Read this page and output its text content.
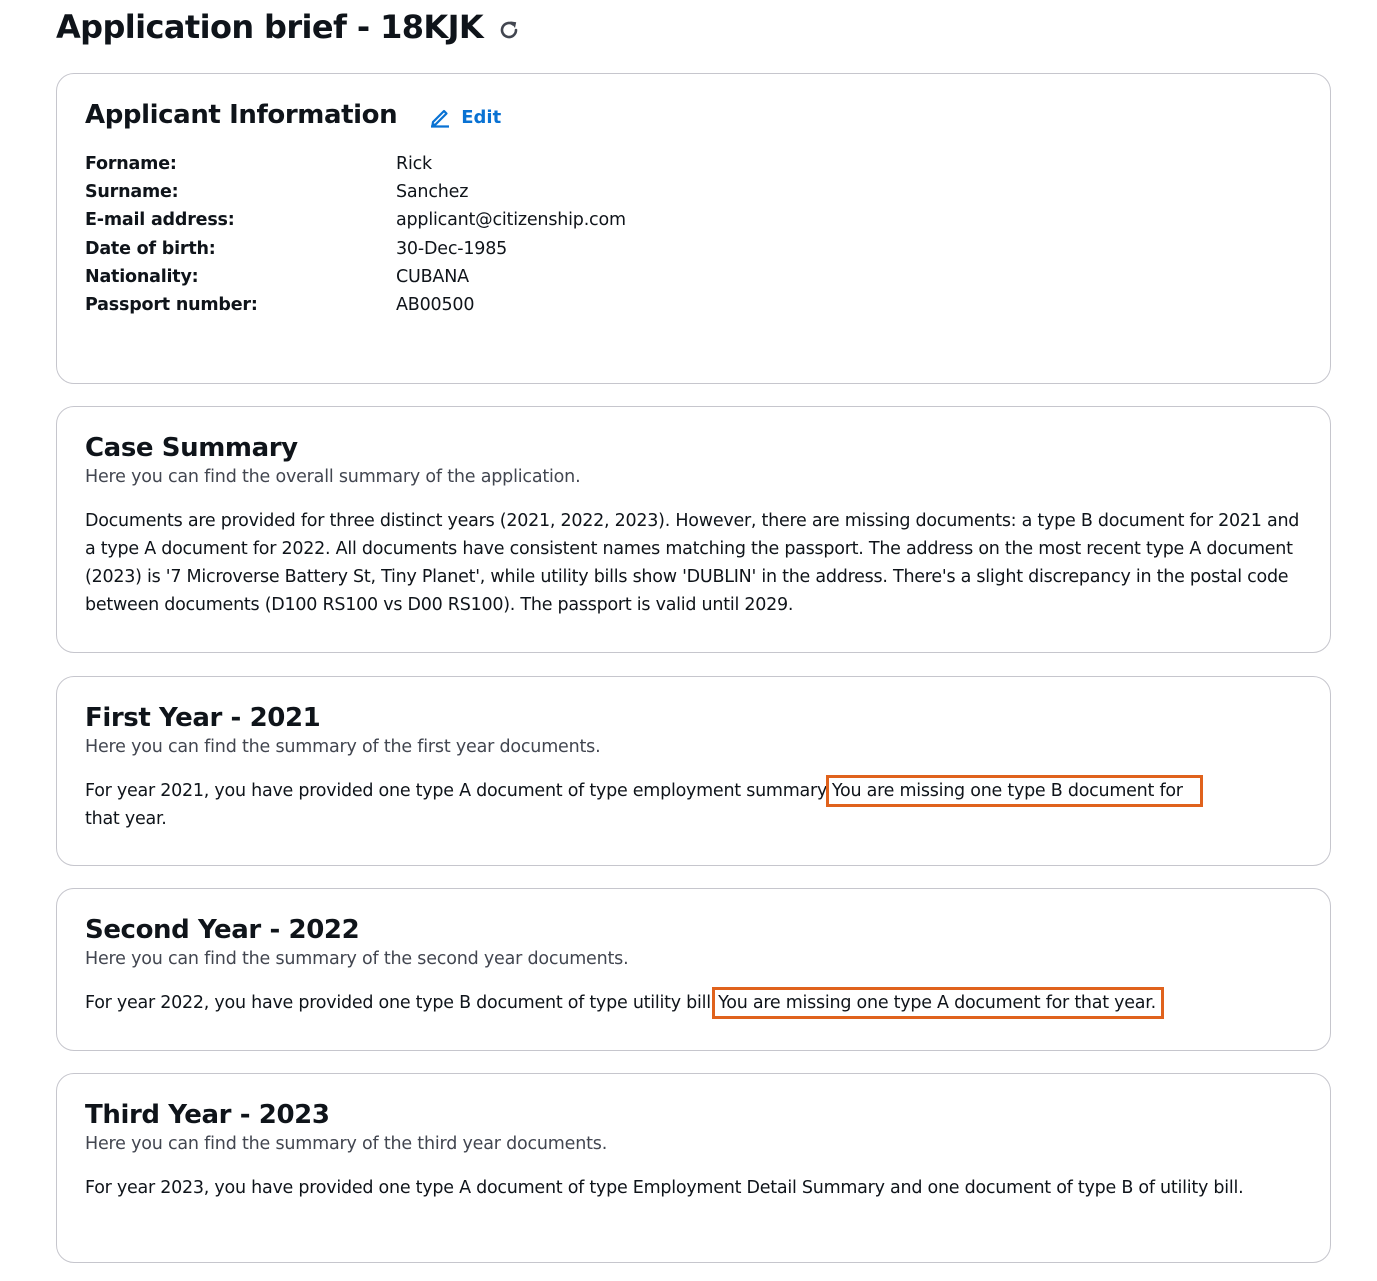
Application brief - 18KJK
Applicant Information	Edit
Forname:	Rick
Surname:	Sanchez
E-mail address:	applicant@citizenship.com
Date of birth:	30-Dec-1985
Nationality:	CUBANA
Passport number:	AB00500
Case Summary
Here you can find the overall summary of the application.
Documents are provided for three distinct years (2021, 2022, 2023). However, there are missing documents: a type B document for 2021 and a type A document for 2022. All documents have consistent names matching the passport. The address on the most recent type A document (2023) is '7 Microverse Battery St, Tiny Planet', while utility bills show 'DUBLIN' in the address. There's a slight discrepancy in the postal code between documents (D100 RS100 vs D00 RS100). The passport is valid until 2029.
First Year - 2021
Here you can find the summary of the first year documents.
For year 2021, you have provided one type A document of type employment summary. You are missing one type B document for
that year.
Second Year - 2022
Here you can find the summary of the second year documents.
For year 2022, you have provided one type B document of type utility bill. You are missing one type A document for that year.
Third Year - 2023
Here you can find the summary of the third year documents.
For year 2023, you have provided one type A document of type Employment Detail Summary and one document of type B of utility bill.
